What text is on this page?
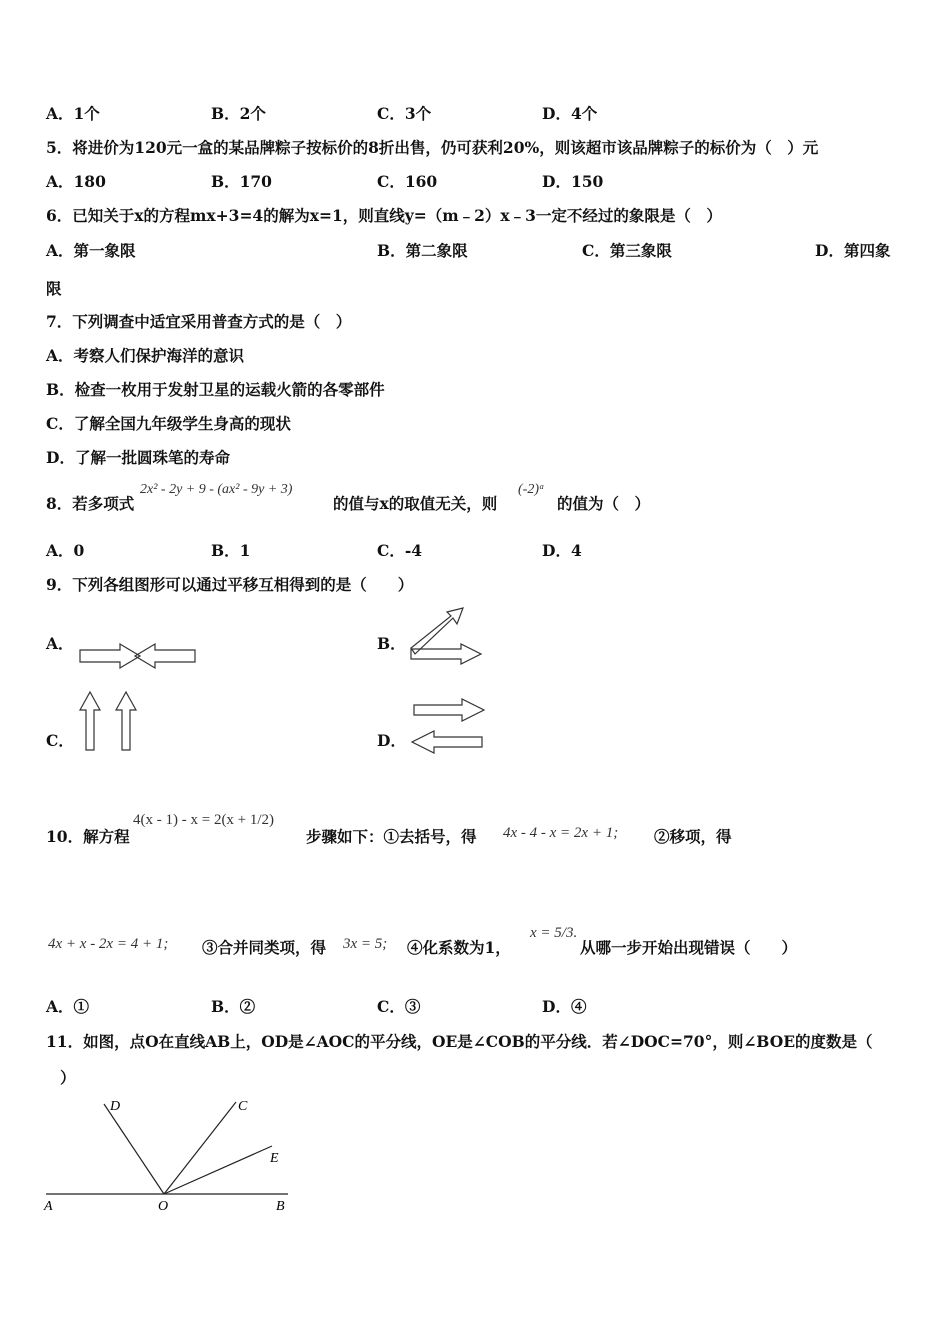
A．1个	B．2个	C．3个	D．4个
5．将进价为120元一盒的某品牌粽子按标价的8折出售，仍可获利20%，则该超市该品牌粽子的标价为（　）元
A．180	B．170	C．160	D．150
6．已知关于x的方程mx+3=4的解为x=1，则直线y=（m﹣2）x﹣3一定不经过的象限是（　）
A．第一象限	B．第二象限	C．第三象限	D．第四象
限
7．下列调查中适宜采用普查方式的是（　）
A．考察人们保护海洋的意识
B．检查一枚用于发射卫星的运载火箭的各零部件
C．了解全国九年级学生身高的现状
D．了解一批圆珠笔的寿命
8．若多项式
2x² - 2y + 9 - (ax² - 9y + 3)
的值与x的取值无关，则
(-2)ᵃ
的值为（　）
A．0	B．1	C．-4	D．4
9．下列各组图形可以通过平移互相得到的是（　　）
A．	B．
C．	D．
10．解方程
4(x - 1) - x = 2(x + 1/2)
步骤如下：①去括号，得 4x - 4 - x = 2x + 1; ②移项，得
4x + x - 2x = 4 + 1; ③合并同类项，得 3x = 5; ④化系数为1，
x = 5/3.
从哪一步开始出现错误（　　）
A．①	B．②	C．③	D．④
11．如图，点O在直线AB上，OD是∠AOC的平分线，OE是∠COB的平分线．若∠DOC=70°，则∠BOE的度数是（
）
D	C
E
A	O	B
